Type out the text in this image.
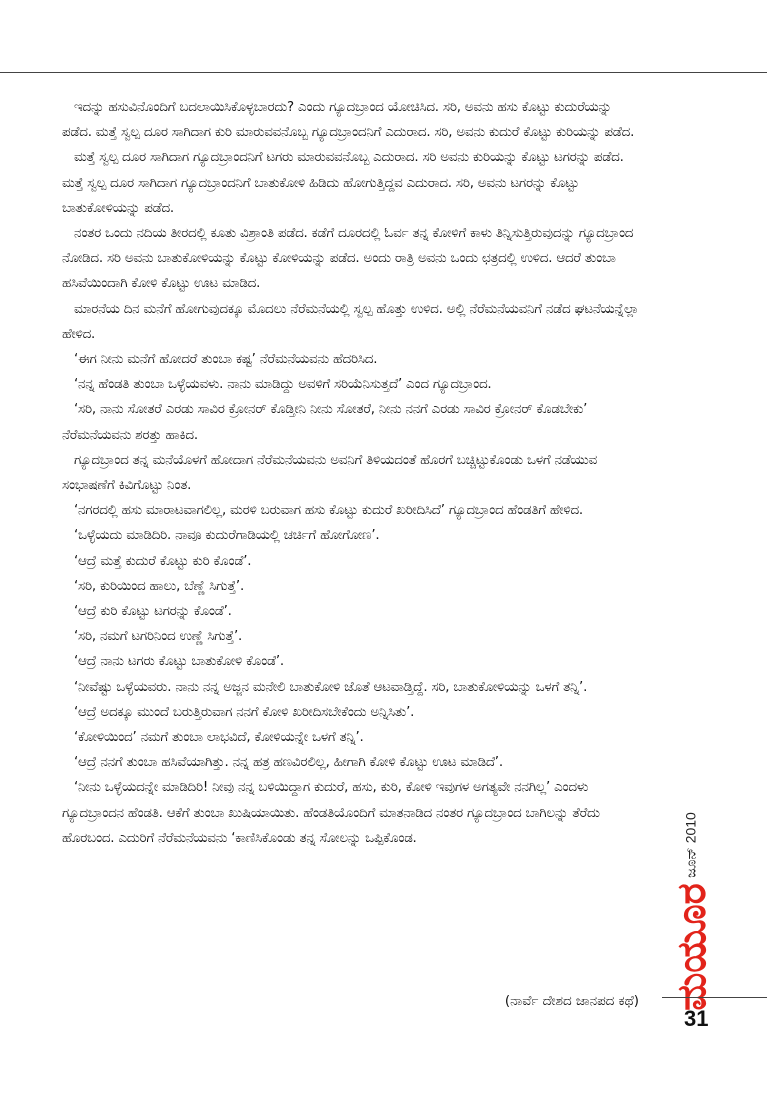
ಇದನ್ನು ಹಸುವಿನೊಂದಿಗೆ ಬದಲಾಯಿಸಿಕೊಳ್ಳಬಾರದು? ಎಂದು ಗ್ಯೂದಬ್ರಾಂದ ಯೋಚಿಸಿದ. ಸರಿ, ಅವನು ಹಸು ಕೊಟ್ಟು ಕುದುರೆಯನ್ನು ಪಡೆದ. ಮತ್ತೆ ಸ್ವಲ್ಪ ದೂರ ಸಾಗಿದಾಗ ಕುರಿ ಮಾರುವವನೊಬ್ಬ ಗ್ಯೂದಬ್ರಾಂದನಿಗೆ ಎದುರಾದ. ಸರಿ, ಅವನು ಕುದುರೆ ಕೊಟ್ಟು ಕುರಿಯನ್ನು ಪಡೆದ.

ಮತ್ತೆ ಸ್ವಲ್ಪ ದೂರ ಸಾಗಿದಾಗ ಗ್ಯೂದಬ್ರಾಂದನಿಗೆ ಟಗರು ಮಾರುವವನೊಬ್ಬ ಎದುರಾದ. ಸರಿ ಅವನು ಕುರಿಯನ್ನು ಕೊಟ್ಟು ಟಗರನ್ನು ಪಡೆದ. ಮತ್ತೆ ಸ್ವಲ್ಪ ದೂರ ಸಾಗಿದಾಗ ಗ್ಯೂದಬ್ರಾಂದನಿಗೆ ಬಾತುಕೋಳಿ ಹಿಡಿದು ಹೋಗುತ್ತಿದ್ದವ ಎದುರಾದ. ಸರಿ, ಅವನು ಟಗರನ್ನು ಕೊಟ್ಟು ಬಾತುಕೋಳಿಯನ್ನು ಪಡೆದ.

ನಂತರ ಒಂದು ನದಿಯ ತೀರದಲ್ಲಿ ಕೂತು ವಿಶ್ರಾಂತಿ ಪಡೆದ. ಕಡೆಗೆ ದೂರದಲ್ಲಿ ಓರ್ವ ತನ್ನ ಕೋಳಿಗೆ ಕಾಳು ತಿನ್ನಿಸುತ್ತಿರುವುದನ್ನು ಗ್ಯೂದಬ್ರಾಂದ ನೋಡಿದ. ಸರಿ ಅವನು ಬಾತುಕೋಳಿಯನ್ನು ಕೊಟ್ಟು ಕೋಳಿಯನ್ನು ಪಡೆದ. ಅಂದು ರಾತ್ರಿ ಅವನು ಒಂದು ಛತ್ರದಲ್ಲಿ ಉಳಿದ. ಆದರೆ ತುಂಬಾ ಹಸಿವೆಯಿಂದಾಗಿ ಕೋಳಿ ಕೊಟ್ಟು ಊಟ ಮಾಡಿದ.

ಮಾರನೆಯ ದಿನ ಮನೆಗೆ ಹೋಗುವುದಕ್ಕೂ ಮೊದಲು ನೆರೆಮನೆಯಲ್ಲಿ ಸ್ವಲ್ಪ ಹೊತ್ತು ಉಳಿದ. ಅಲ್ಲಿ ನೆರೆಮನೆಯವನಿಗೆ ನಡೆದ ಘಟನೆಯನ್ನೆಲ್ಲಾ ಹೇಳಿದ.

‘ಈಗ ನೀನು ಮನೆಗೆ ಹೋದರೆ ತುಂಬಾ ಕಷ್ಟ’ ನೆರೆಮನೆಯವನು ಹೆದರಿಸಿದ.

‘ನನ್ನ ಹೆಂಡತಿ ತುಂಬಾ ಒಳ್ಳೆಯವಳು. ನಾನು ಮಾಡಿದ್ದು ಅವಳಿಗೆ ಸರಿಯೆನಿಸುತ್ತದೆ’ ಎಂದ ಗ್ಯೂದಬ್ರಾಂದ.

‘ಸರಿ, ನಾನು ಸೋತರೆ ಎರಡು ಸಾವಿರ ಕ್ರೋನರ್ ಕೊಡ್ತೀನಿ ನೀನು ಸೋತರೆ, ನೀನು ನನಗೆ ಎರಡು ಸಾವಿರ ಕ್ರೋನರ್ ಕೊಡಬೇಕು’ ನೆರೆಮನೆಯವನು ಶರತ್ತು ಹಾಕಿದ.

ಗ್ಯೂದಬ್ರಾಂದ ತನ್ನ ಮನೆಯೊಳಗೆ ಹೋದಾಗ ನೆರೆಮನೆಯವನು ಅವನಿಗೆ ತಿಳಿಯದಂತೆ ಹೊರಗೆ ಬಚ್ಚಿಟ್ಟುಕೊಂಡು ಒಳಗೆ ನಡೆಯುವ ಸಂಭಾಷಣೆಗೆ ಕಿವಿಗೊಟ್ಟು ನಿಂತ.

‘ನಗರದಲ್ಲಿ ಹಸು ಮಾರಾಟವಾಗಲಿಲ್ಲ, ಮರಳಿ ಬರುವಾಗ ಹಸು ಕೊಟ್ಟು ಕುದುರೆ ಖರೀದಿಸಿದೆ’ ಗ್ಯೂದಬ್ರಾಂದ ಹೆಂಡತಿಗೆ ಹೇಳಿದ.

‘ಒಳ್ಳೆಯದು ಮಾಡಿದಿರಿ. ನಾವೂ ಕುದುರೆಗಾಡಿಯಲ್ಲಿ ಚರ್ಚಿಗೆ ಹೋಗೋಣ’.

‘ಆದ್ರೆ ಮತ್ತೆ ಕುದುರೆ ಕೊಟ್ಟು ಕುರಿ ಕೊಂಡೆ’.

‘ಸರಿ, ಕುರಿಯಿಂದ ಹಾಲು, ಬೆಣ್ಣೆ ಸಿಗುತ್ತೆ’.

‘ಆದ್ರೆ ಕುರಿ ಕೊಟ್ಟು ಟಗರನ್ನು ಕೊಂಡೆ’.

‘ಸರಿ, ನಮಗೆ ಟಗರಿನಿಂದ ಉಣ್ಣೆ ಸಿಗುತ್ತೆ’.

‘ಆದ್ರೆ ನಾನು ಟಗರು ಕೊಟ್ಟು ಬಾತುಕೋಳಿ ಕೊಂಡೆ’.

‘ನೀವೆಷ್ಟು ಒಳ್ಳೆಯವರು. ನಾನು ನನ್ನ ಅಜ್ಜನ ಮನೇಲಿ ಬಾತುಕೋಳಿ ಜೊತೆ ಆಟವಾಡ್ತಿದ್ದೆ. ಸರಿ, ಬಾತುಕೋಳಿಯನ್ನು ಒಳಗೆ ತನ್ನಿ’.

‘ಆದ್ರೆ ಅದಕ್ಕೂ ಮುಂದೆ ಬರುತ್ತಿರುವಾಗ ನನಗೆ ಕೋಳಿ ಖರೀದಿಸಬೇಕೆಂದು ಅನ್ನಿಸಿತು’.

‘ಕೋಳಿಯಿಂದ’ ನಮಗೆ ತುಂಬಾ ಲಾಭವಿದೆ, ಕೋಳಿಯನ್ನೇ ಒಳಗೆ ತನ್ನಿ’.

‘ಆದ್ರೆ ನನಗೆ ತುಂಬಾ ಹಸಿವೆಯಾಗಿತ್ತು. ನನ್ನ ಹತ್ರ ಹಣವಿರಲಿಲ್ಲ, ಹೀಗಾಗಿ ಕೋಳಿ ಕೊಟ್ಟು ಊಟ ಮಾಡಿದೆ’.

‘ನೀನು ಒಳ್ಳೆಯದನ್ನೇ ಮಾಡಿದಿರಿ! ನೀವು ನನ್ನ ಬಳಿಯಿದ್ದಾಗ ಕುದುರೆ, ಹಸು, ಕುರಿ, ಕೋಳಿ ಇವುಗಳ ಅಗತ್ಯವೇ ನನಗಿಲ್ಲ’ ಎಂದಳು ಗ್ಯೂದಬ್ರಾಂದನ ಹೆಂಡತಿ. ಆಕೆಗೆ ತುಂಬಾ ಖುಷಿಯಾಯಿತು. ಹೆಂಡತಿಯೊಂದಿಗೆ ಮಾತನಾಡಿದ ನಂತರ ಗ್ಯೂದಬ್ರಾಂದ ಬಾಗಿಲನ್ನು ತೆರೆದು ಹೊರಬಂದ. ಎದುರಿಗೆ ನೆರೆಮನೆಯವನು ‘ಕಾಣಿಸಿಕೊಂಡು ತನ್ನ ಸೋಲನ್ನು ಒಪ್ಪಿಕೊಂಡ.

(ನಾರ್ವೆ ದೇಶದ ಜಾನಪದ ಕಥೆ)
ಜೂನ್ 2010
ಮಯೂರ
31
